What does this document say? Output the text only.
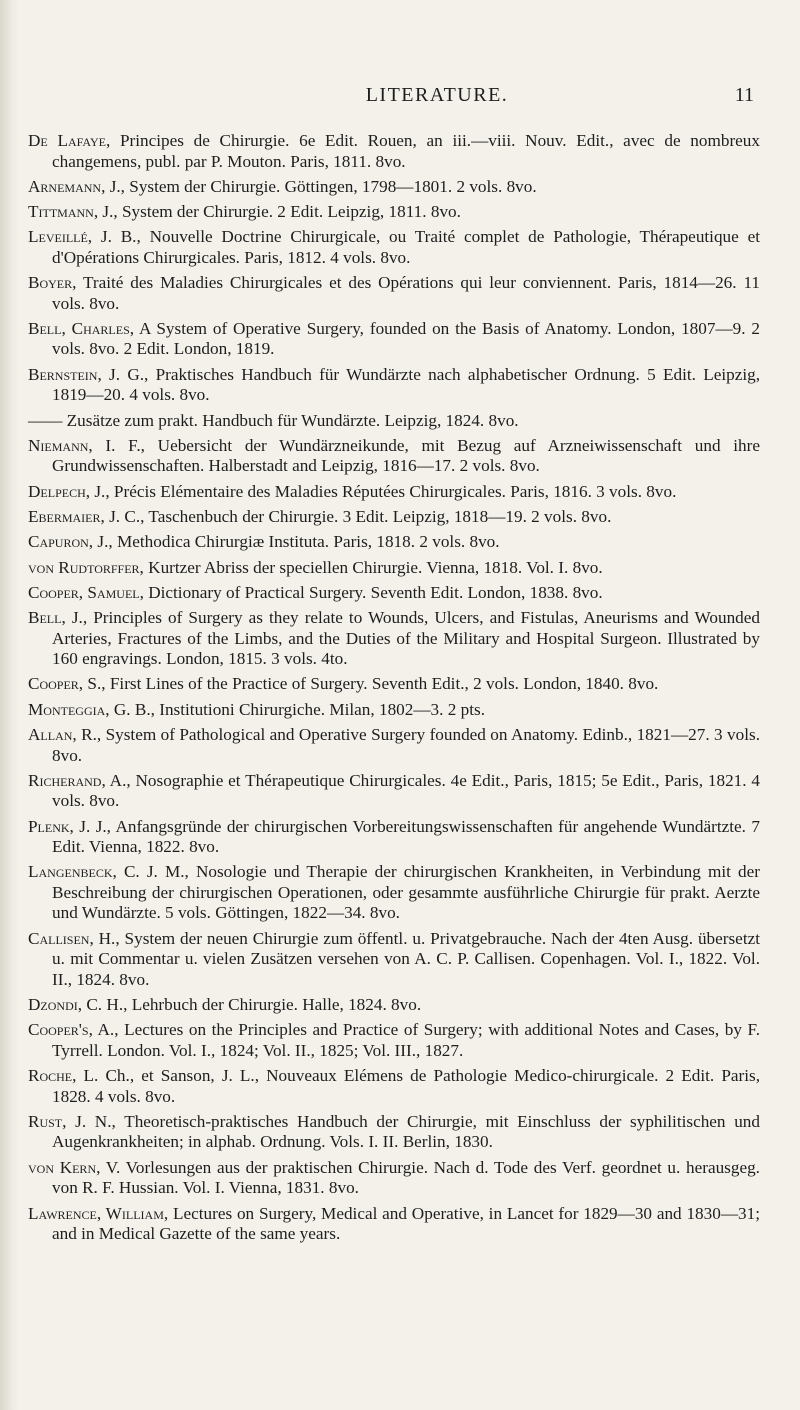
LITERATURE.	11

De Lafaye, Principes de Chirurgie. 6e Edit. Rouen, an iii.—viii. Nouv. Edit., avec de nombreux changemens, publ. par P. Mouton. Paris, 1811. 8vo.

Arnemann, J., System der Chirurgie. Göttingen, 1798—1801. 2 vols. 8vo.

Tittmann, J., System der Chirurgie. 2 Edit. Leipzig, 1811. 8vo.

Leveillé, J. B., Nouvelle Doctrine Chirurgicale, ou Traité complet de Pathologie, Thérapeutique et d'Opérations Chirurgicales. Paris, 1812. 4 vols. 8vo.

Boyer, Traité des Maladies Chirurgicales et des Opérations qui leur conviennent. Paris, 1814—26. 11 vols. 8vo.

Bell, Charles, A System of Operative Surgery, founded on the Basis of Anatomy. London, 1807—9. 2 vols. 8vo. 2 Edit. London, 1819.

Bernstein, J. G., Praktisches Handbuch für Wundärzte nach alphabetischer Ordnung. 5 Edit. Leipzig, 1819—20. 4 vols. 8vo.

—— Zusätze zum prakt. Handbuch für Wundärzte. Leipzig, 1824. 8vo.

Niemann, I. F., Uebersicht der Wundärzneikunde, mit Bezug auf Arzneiwissenschaft und ihre Grundwissenschaften. Halberstadt and Leipzig, 1816—17. 2 vols. 8vo.

Delpech, J., Précis Elémentaire des Maladies Réputées Chirurgicales. Paris, 1816. 3 vols. 8vo.

Ebermaier, J. C., Taschenbuch der Chirurgie. 3 Edit. Leipzig, 1818—19. 2 vols. 8vo.

Capuron, J., Methodica Chirurgiæ Instituta. Paris, 1818. 2 vols. 8vo.

von Rudtorffer, Kurtzer Abriss der speciellen Chirurgie. Vienna, 1818. Vol. I. 8vo.

Cooper, Samuel, Dictionary of Practical Surgery. Seventh Edit. London, 1838. 8vo.

Bell, J., Principles of Surgery as they relate to Wounds, Ulcers, and Fistulas, Aneurisms and Wounded Arteries, Fractures of the Limbs, and the Duties of the Military and Hospital Surgeon. Illustrated by 160 engravings. London, 1815. 3 vols. 4to.

Cooper, S., First Lines of the Practice of Surgery. Seventh Edit., 2 vols. London, 1840. 8vo.

Monteggia, G. B., Institutioni Chirurgiche. Milan, 1802—3. 2 pts.

Allan, R., System of Pathological and Operative Surgery founded on Anatomy. Edinb., 1821—27. 3 vols. 8vo.

Richerand, A., Nosographie et Thérapeutique Chirurgicales. 4e Edit., Paris, 1815; 5e Edit., Paris, 1821. 4 vols. 8vo.

Plenk, J. J., Anfangsgründe der chirurgischen Vorbereitungswissenschaften für angehende Wundärtzte. 7 Edit. Vienna, 1822. 8vo.

Langenbeck, C. J. M., Nosologie und Therapie der chirurgischen Krankheiten, in Verbindung mit der Beschreibung der chirurgischen Operationen, oder gesammte ausführliche Chirurgie für prakt. Aerzte und Wundärzte. 5 vols. Göttingen, 1822—34. 8vo.

Callisen, H., System der neuen Chirurgie zum öffentl. u. Privatgebrauche. Nach der 4ten Ausg. übersetzt u. mit Commentar u. vielen Zusätzen versehen von A. C. P. Callisen. Copenhagen. Vol. I., 1822. Vol. II., 1824. 8vo.

Dzondi, C. H., Lehrbuch der Chirurgie. Halle, 1824. 8vo.

Cooper's, A., Lectures on the Principles and Practice of Surgery; with additional Notes and Cases, by F. Tyrrell. London. Vol. I., 1824; Vol. II., 1825; Vol. III., 1827.

Roche, L. Ch., et Sanson, J. L., Nouveaux Elémens de Pathologie Medico-chirurgicale. 2 Edit. Paris, 1828. 4 vols. 8vo.

Rust, J. N., Theoretisch-praktisches Handbuch der Chirurgie, mit Einschluss der syphilitischen und Augenkrankheiten; in alphab. Ordnung. Vols. I. II. Berlin, 1830.

von Kern, V. Vorlesungen aus der praktischen Chirurgie. Nach d. Tode des Verf. geordnet u. herausgeg. von R. F. Hussian. Vol. I. Vienna, 1831. 8vo.

Lawrence, William, Lectures on Surgery, Medical and Operative, in Lancet for 1829—30 and 1830—31; and in Medical Gazette of the same years.
